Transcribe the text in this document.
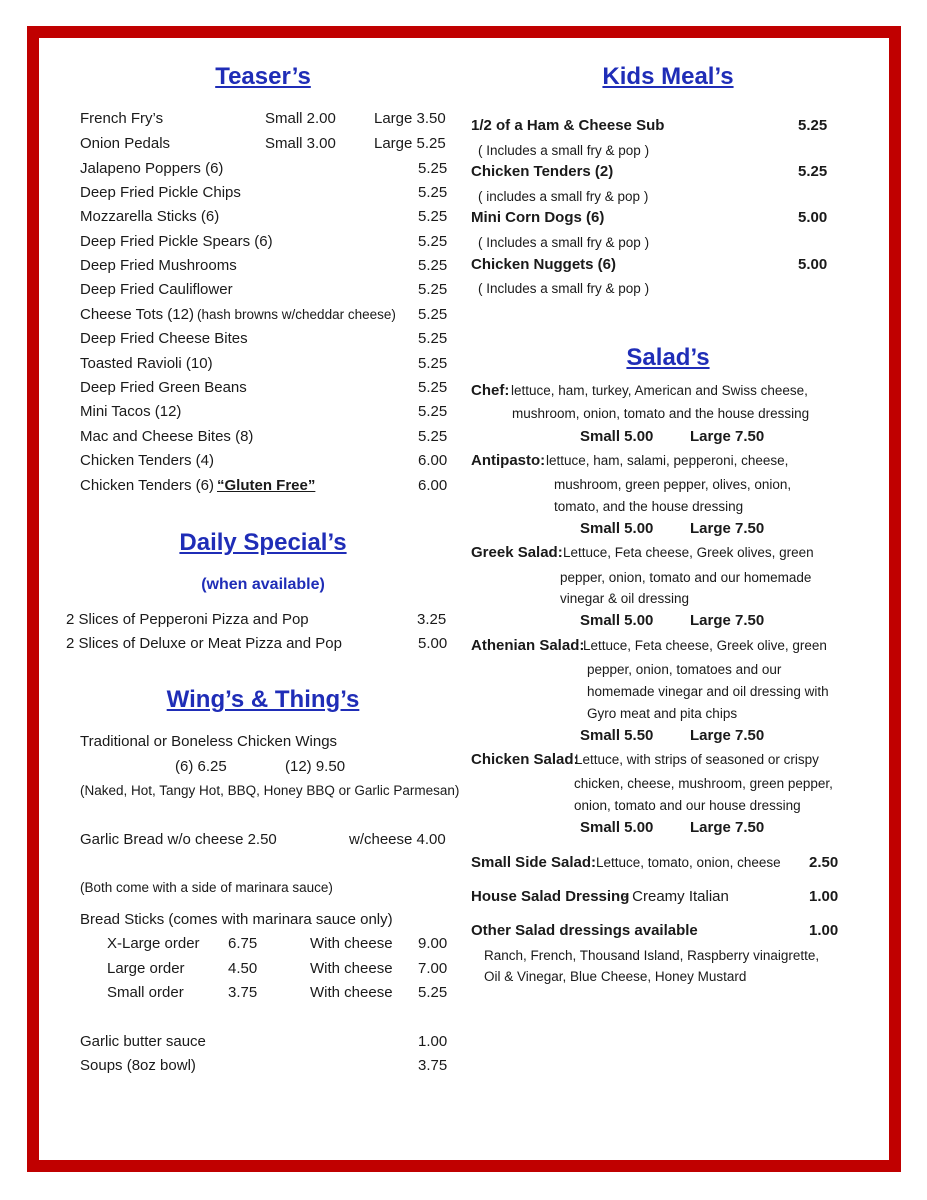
Teaser’s
French Fry’s	Small 2.00	Large 3.50
Onion Pedals	Small 3.00	Large 5.25
Jalapeno Poppers (6)	5.25
Deep Fried Pickle Chips	5.25
Mozzarella Sticks (6)	5.25
Deep Fried Pickle Spears (6)	5.25
Deep Fried Mushrooms	5.25
Deep Fried Cauliflower	5.25
Cheese Tots (12) (hash browns w/cheddar cheese) 5.25
Deep Fried Cheese Bites	5.25
Toasted Ravioli (10)	5.25
Deep Fried Green Beans	5.25
Mini Tacos (12)	5.25
Mac and Cheese Bites (8)	5.25
Chicken Tenders (4)	6.00
Chicken Tenders (6) “Gluten Free”	6.00
Daily Special’s
(when available)
2 Slices of Pepperoni Pizza and Pop	3.25
2 Slices of Deluxe or Meat Pizza and Pop	5.00
Wing’s & Thing’s
Traditional or Boneless Chicken Wings
(6) 6.25	(12) 9.50
(Naked, Hot, Tangy Hot, BBQ, Honey BBQ or Garlic Parmesan)
Garlic Bread w/o cheese 2.50	w/cheese 4.00
(Both come with a side of marinara sauce)
Bread Sticks (comes with marinara sauce only)
X-Large order 6.75	With cheese 9.00
Large order	4.50	With cheese 7.00
Small order	3.75	With cheese 5.25
Garlic butter sauce	1.00
Soups (8oz bowl)	3.75
Kids Meal’s
1/2 of a Ham & Cheese Sub	5.25
( Includes a small fry & pop )
Chicken Tenders (2)	5.25
( includes a small fry & pop )
Mini Corn Dogs (6)	5.00
( Includes a small fry & pop )
Chicken Nuggets (6)	5.00
( Includes a small fry & pop )
Salad’s
Chef: lettuce, ham, turkey, American and Swiss cheese,
mushroom, onion, tomato and the house dressing
Small 5.00 Large 7.50
Antipasto: lettuce, ham, salami, pepperoni, cheese,
mushroom, green pepper, olives, onion,
tomato, and the house dressing
Small 5.00 Large 7.50
Greek Salad: Lettuce, Feta cheese, Greek olives, green
pepper, onion, tomato and our homemade
vinegar & oil dressing
Small 5.00 Large 7.50
Athenian Salad:
Lettuce, Feta cheese, Greek olive, green
pepper, onion, tomatoes and our
homemade vinegar and oil dressing with
Gyro meat and pita chips
Small 5.50 Large 7.50
Chicken Salad:
Lettuce, with strips of seasoned or crispy
chicken, cheese, mushroom, green pepper,
onion, tomato and our house dressing
Small 5.00 Large 7.50
Small Side Salad: Lettuce, tomato, onion, cheese 2.50
House Salad Dressing
- Creamy Italian	1.00
Other Salad dressings available	1.00
Ranch, French, Thousand Island, Raspberry vinaigrette,
Oil & Vinegar, Blue Cheese, Honey Mustard
